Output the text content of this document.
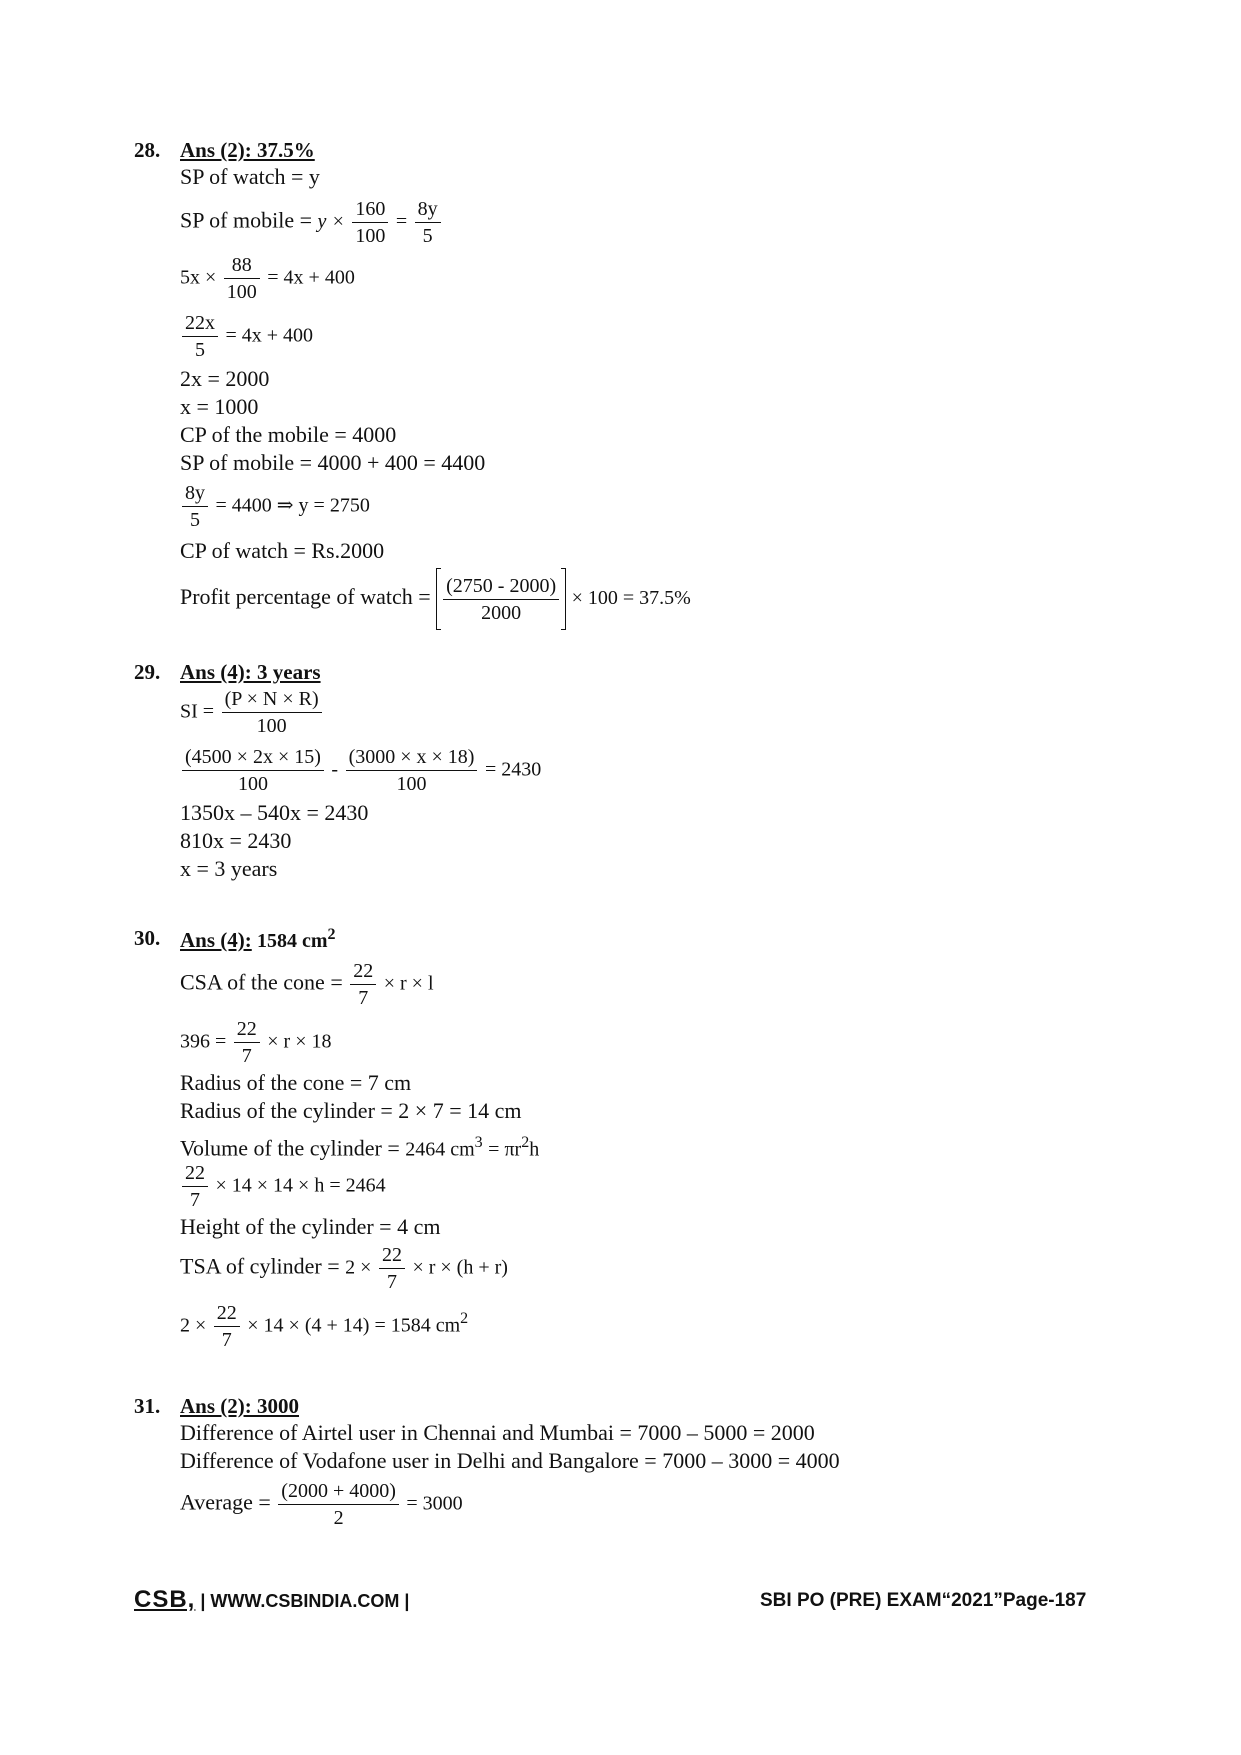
28. Ans (2): 37.5%
SP of watch = y
SP of mobile = $y \times \frac{160}{100} = \frac{8y}{5}$
$5x \times \frac{88}{100} = 4x + 400$
$\frac{22x}{5} = 4x + 400$
2x = 2000
x = 1000
CP of the mobile = 4000
SP of mobile = 4000 + 400 = 4400
$\frac{8y}{5} = 4400$ ⇒ y = 2750
CP of watch = Rs.2000
Profit percentage of watch = $\frac{(2750 - 2000)}{2000} \times 100 = 37.5\%$
29. Ans (4): 3 years
SI = $\frac{(P \times N \times R)}{100}$
$\frac{(4500 \times 2x \times 15)}{100} - \frac{(3000 \times x \times 18)}{100} = 2430$
1350x – 540x = 2430
810x = 2430
x = 3 years
30. Ans (4): 1584 $cm^2$
CSA of the cone = $\frac{22}{7} \times r \times l$
$396 = \frac{22}{7} \times r \times 18$
Radius of the cone = 7 cm
Radius of the cylinder = 2 × 7 = 14 cm
Volume of the cylinder = 2464 $cm^3 = \pi r^2h$
$\frac{22}{7} \times 14 \times 14 \times h = 2464$
Height of the cylinder = 4 cm
TSA of cylinder = $2 \times \frac{22}{7} \times r \times (h + r)$
$2 \times \frac{22}{7} \times 14 \times (4 + 14) = 1584$ $cm^2$
31. Ans (2): 3000
Difference of Airtel user in Chennai and Mumbai = 7000 – 5000 = 2000
Difference of Vodafone user in Delhi and Bangalore = 7000 – 3000 = 4000
Average = $\frac{(2000 + 4000)}{2} = 3000$
CSB, | WWW.CSBINDIA.COM |	SBI PO (PRE) EXAM“2021”Page-187
